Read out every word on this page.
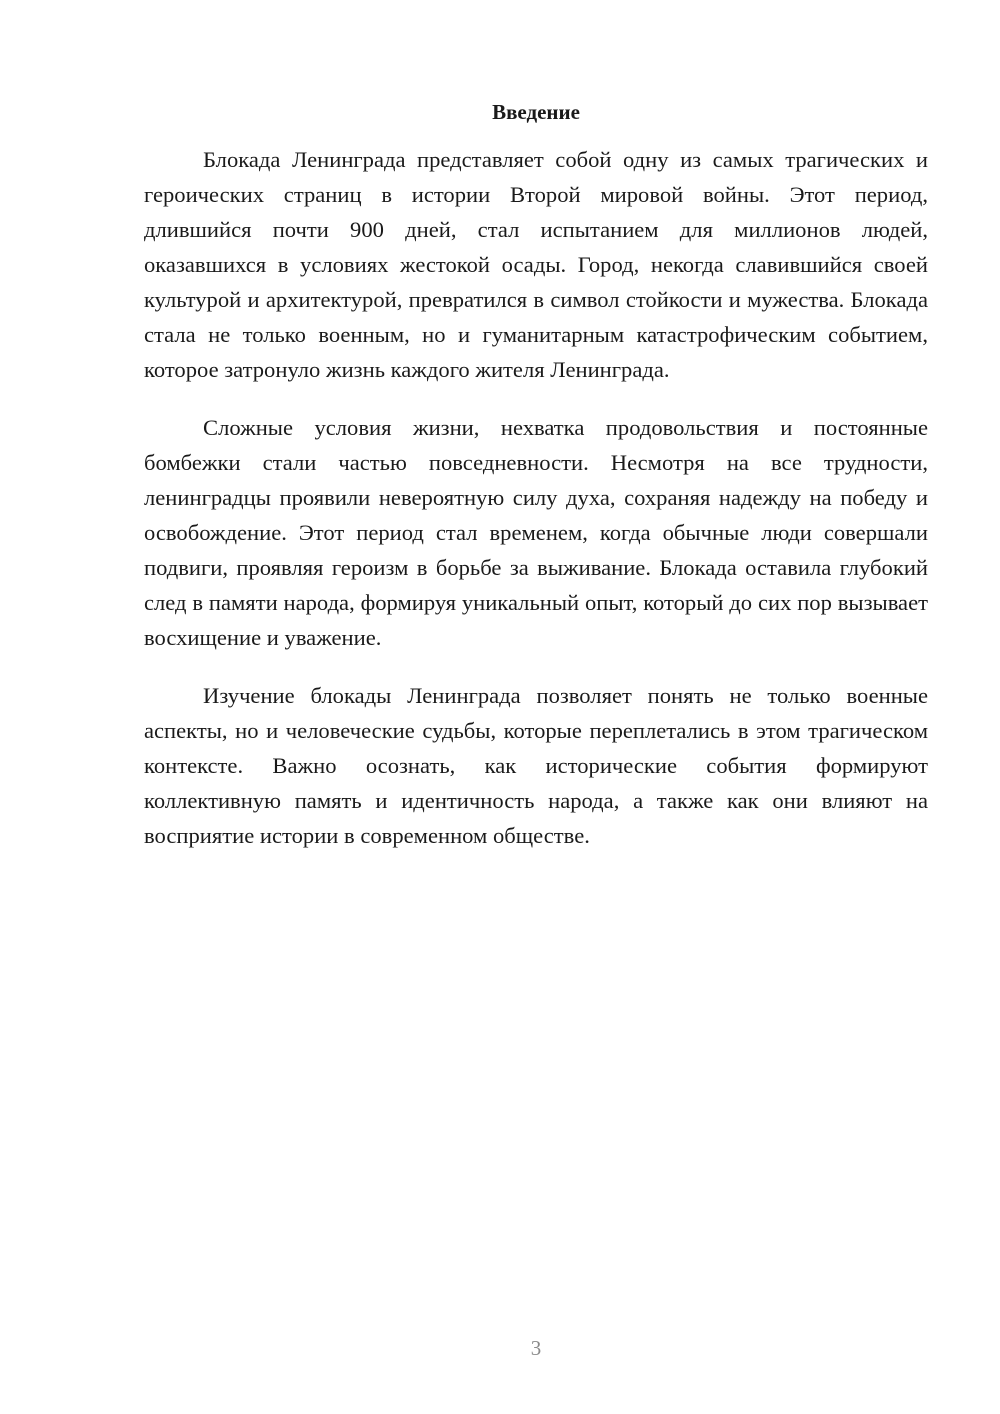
Введение

Блокада Ленинграда представляет собой одну из самых трагических и героических страниц в истории Второй мировой войны. Этот период, длившийся почти 900 дней, стал испытанием для миллионов людей, оказавшихся в условиях жестокой осады. Город, некогда славившийся своей культурой и архитектурой, превратился в символ стойкости и мужества. Блокада стала не только военным, но и гуманитарным катастрофическим событием, которое затронуло жизнь каждого жителя Ленинграда.

Сложные условия жизни, нехватка продовольствия и постоянные бомбежки стали частью повседневности. Несмотря на все трудности, ленинградцы проявили невероятную силу духа, сохраняя надежду на победу и освобождение. Этот период стал временем, когда обычные люди совершали подвиги, проявляя героизм в борьбе за выживание. Блокада оставила глубокий след в памяти народа, формируя уникальный опыт, который до сих пор вызывает восхищение и уважение.

Изучение блокады Ленинграда позволяет понять не только военные аспекты, но и человеческие судьбы, которые переплетались в этом трагическом контексте. Важно осознать, как исторические события формируют коллективную память и идентичность народа, а также как они влияют на восприятие истории в современном обществе.

3
